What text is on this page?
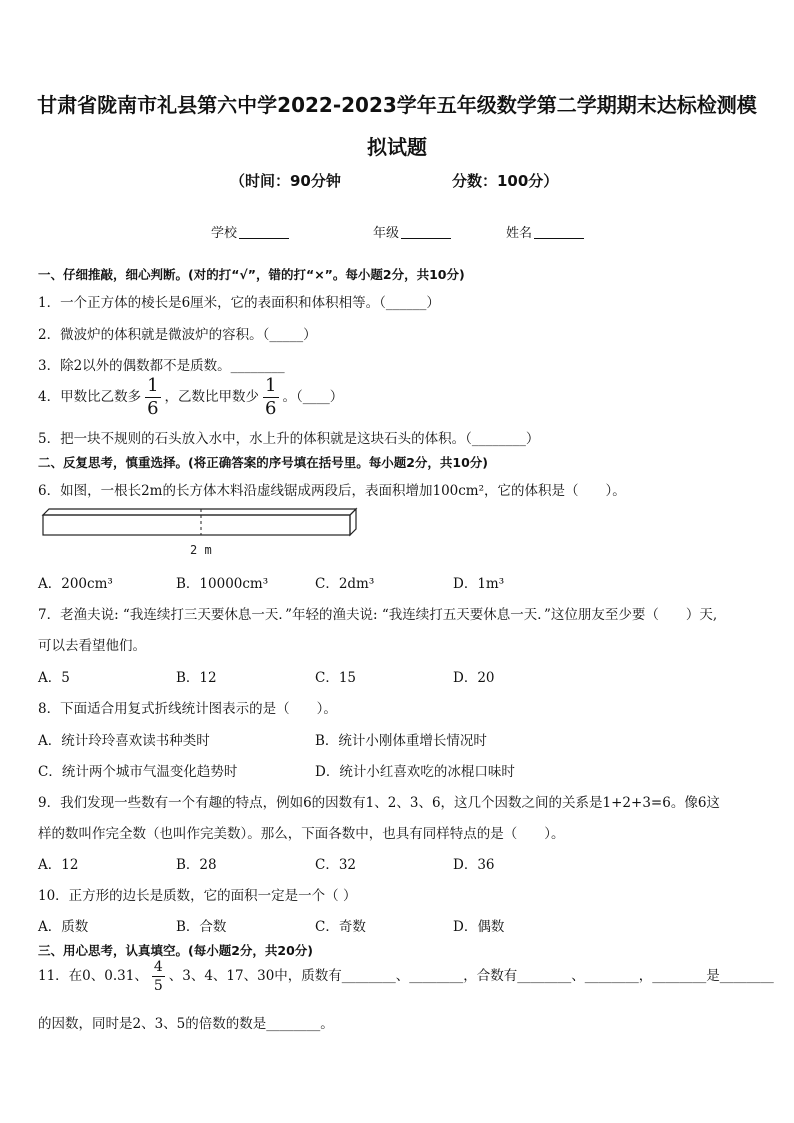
甘肃省陇南市礼县第六中学2022-2023学年五年级数学第二学期期末达标检测模拟试题
（时间：90分钟	分数：100分）
学校	年级	姓名
一、仔细推敲，细心判断。(对的打“√”，错的打“×”。每小题2分，共10分)
1．一个正方体的棱长是6厘米，它的表面积和体积相等。（______）
2．微波炉的体积就是微波炉的容积。（_____）
3．除2以外的偶数都不是质数。________
4．甲数比乙数多 $\frac{1}{6}$ ，乙数比甲数少 $\frac{1}{6}$ 。（____）
5．把一块不规则的石头放入水中，水上升的体积就是这块石头的体积。（________）
二、反复思考，慎重选择。(将正确答案的序号填在括号里。每小题2分，共10分)
6．如图，一根长2m的长方体木料沿虚线锯成两段后，表面积增加100cm²，它的体积是（　　）。
2 m
A．200cm³	B．10000cm³	C．2dm³	D．1m³
7．老渔夫说: “我连续打三天要休息一天．”年轻的渔夫说: “我连续打五天要休息一天．”这位朋友至少要（　　）天,
可以去看望他们。
A．5	B．12	C．15	D．20
8．下面适合用复式折线统计图表示的是（　　）。
A．统计玲玲喜欢读书种类时	B．统计小刚体重增长情况时
C．统计两个城市气温变化趋势时	D．统计小红喜欢吃的冰棍口味时
9．我们发现一些数有一个有趣的特点，例如6的因数有1、2、3、6，这几个因数之间的关系是1+2+3=6。像6这
样的数叫作完全数（也叫作完美数）。那么，下面各数中，也具有同样特点的是（　　）。
A．12	B．28	C．32	D．36
10．正方形的边长是质数，它的面积一定是一个（ ）
A．质数	B．合数	C．奇数	D．偶数
三、用心思考，认真填空。(每小题2分，共20分)
11．在0、0.31、 $\frac{4}{5}$ 、3、4、17、30中，质数有________、________，合数有________、________，________是________
的因数，同时是2、3、5的倍数的数是________。
